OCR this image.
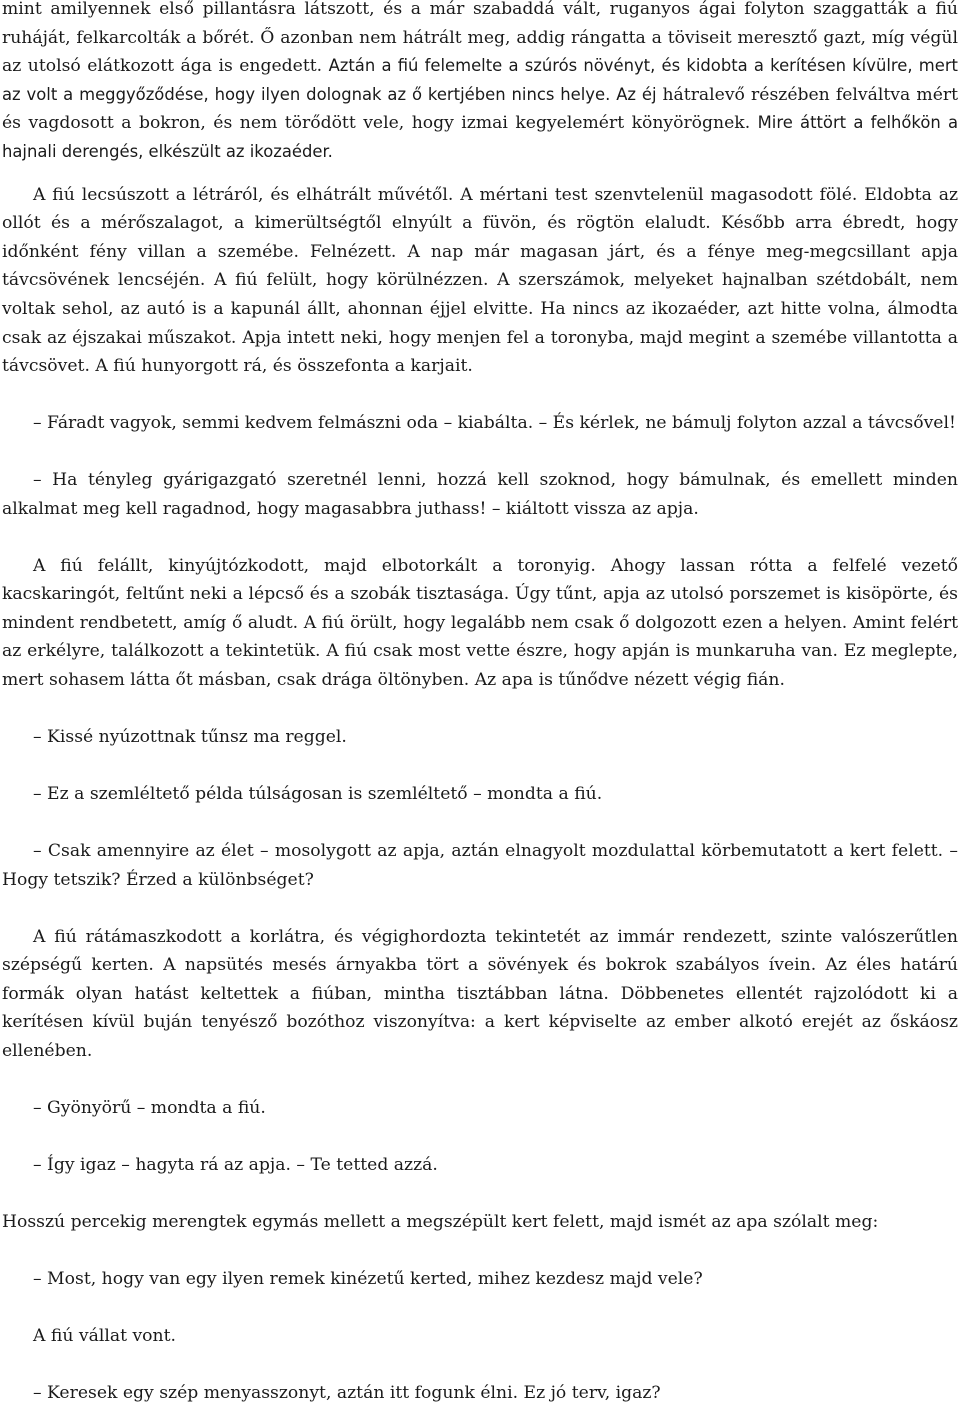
mint amilyennek első pillantásra látszott, és a már szabaddá vált, ruganyos ágai folyton szaggatták a fiú ruháját, felkarcolták a bőrét. Ő azonban nem hátrált meg, addig rángatta a töviseit meresztő gazt, míg végül az utolsó elátkozott ága is engedett. Aztán a fiú felemelte a szúrós növényt, és kidobta a kerítésen kívülre, mert az volt a meggyőződése, hogy ilyen dolognak az ő kertjében nincs helye. Az éj hátralevő részében felváltva mért és vagdosott a bokron, és nem törődött vele, hogy izmai kegyelemért könyörögnek. Mire áttört a felhőkön a hajnali derengés, elkészült az ikozaéder.

A fiú lecsúszott a létráról, és elhátrált művétől. A mértani test szenvtelenül magasodott fölé. Eldobta az ollót és a mérőszalagot, a kimerültségtől elnyúlt a füvön, és rögtön elaludt. Később arra ébredt, hogy időnként fény villan a szemébe. Felnézett. A nap már magasan járt, és a fénye meg-megcsillant apja távcsövének lencséjén. A fiú felült, hogy körülnézzen. A szerszámok, melyeket hajnalban szétdobált, nem voltak sehol, az autó is a kapunál állt, ahonnan éjjel elvitte. Ha nincs az ikozaéder, azt hitte volna, álmodta csak az éjszakai műszakot. Apja intett neki, hogy menjen fel a toronyba, majd megint a szemébe villantotta a távcsövet. A fiú hunyorgott rá, és összefonta a karjait.

– Fáradt vagyok, semmi kedvem felmászni oda – kiabálta. – És kérlek, ne bámulj folyton azzal a távcsővel!

– Ha tényleg gyárigazgató szeretnél lenni, hozzá kell szoknod, hogy bámulnak, és emellett minden alkalmat meg kell ragadnod, hogy magasabbra juthass! – kiáltott vissza az apja.

A fiú felállt, kinyújtózkodott, majd elbotorkált a toronyig. Ahogy lassan rótta a felfelé vezető kacskaringót, feltűnt neki a lépcső és a szobák tisztasága. Úgy tűnt, apja az utolsó porszemet is kisöpörte, és mindent rendbetett, amíg ő aludt. A fiú örült, hogy legalább nem csak ő dolgozott ezen a helyen. Amint felért az erkélyre, találkozott a tekintetük. A fiú csak most vette észre, hogy apján is munkaruha van. Ez meglepte, mert sohasem látta őt másban, csak drága öltönyben. Az apa is tűnődve nézett végig fián.

– Kissé nyúzottnak tűnsz ma reggel.

– Ez a szemléltető példa túlságosan is szemléltető – mondta a fiú.

– Csak amennyire az élet – mosolygott az apja, aztán elnagyolt mozdulattal körbemutatott a kert felett. – Hogy tetszik? Érzed a különbséget?

A fiú rátámaszkodott a korlátra, és végighordozta tekintetét az immár rendezett, szinte valószerűtlen szépségű kerten. A napsütés mesés árnyakba tört a sövények és bokrok szabályos ívein. Az éles határú formák olyan hatást keltettek a fiúban, mintha tisztábban látna. Döbbenetes ellentét rajzolódott ki a kerítésen kívül buján tenyésző bozóthoz viszonyítva: a kert képviselte az ember alkotó erejét az őskáosz ellenében.

– Gyönyörű – mondta a fiú.

– Így igaz – hagyta rá az apja. – Te tetted azzá.

Hosszú percekig merengtek egymás mellett a megszépült kert felett, majd ismét az apa szólalt meg:

– Most, hogy van egy ilyen remek kinézetű kerted, mihez kezdesz majd vele?

A fiú vállat vont.

– Keresek egy szép menyasszonyt, aztán itt fogunk élni. Ez jó terv, igaz?
